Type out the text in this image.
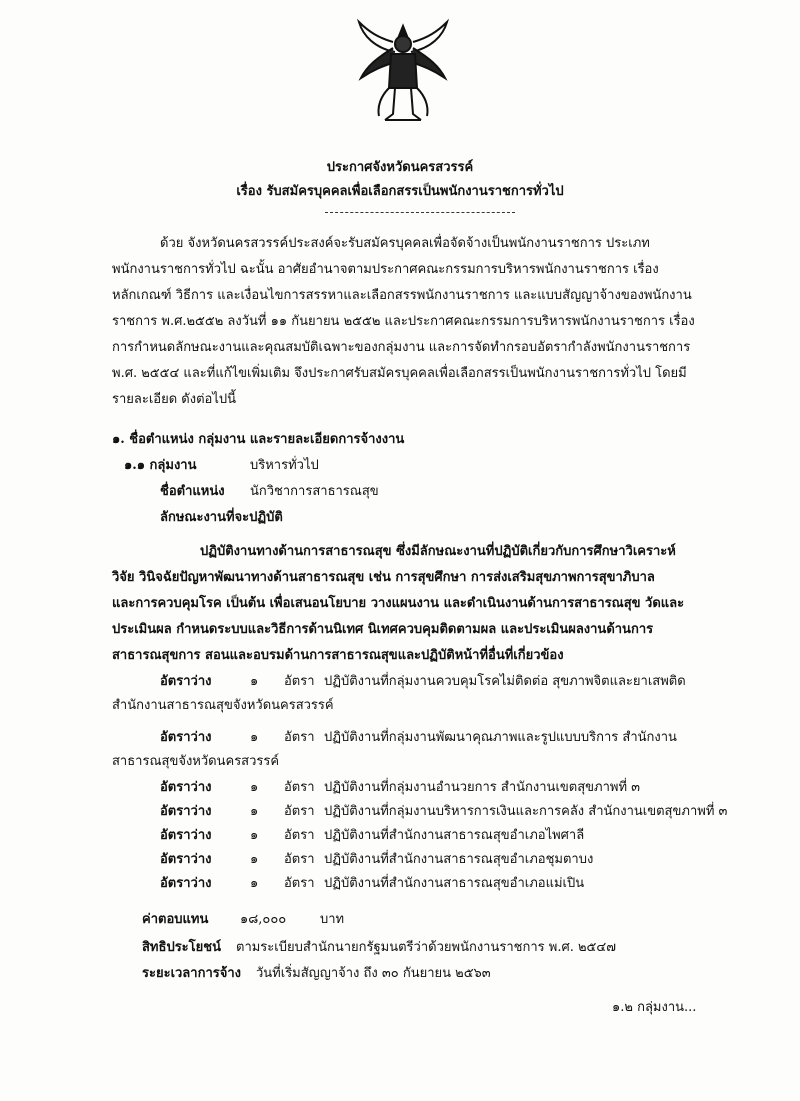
ประกาศจังหวัดนครสวรรค์
เรื่อง รับสมัครบุคคลเพื่อเลือกสรรเป็นพนักงานราชการทั่วไป
ด้วย จังหวัดนครสวรรค์ประสงค์จะรับสมัครบุคคลเพื่อจัดจ้างเป็นพนักงานราชการ ประเภท
พนักงานราชการทั่วไป ฉะนั้น อาศัยอำนาจตามประกาศคณะกรรมการบริหารพนักงานราชการ เรื่อง
หลักเกณฑ์ วิธีการ และเงื่อนไขการสรรหาและเลือกสรรพนักงานราชการ และแบบสัญญาจ้างของพนักงาน
ราชการ พ.ศ.๒๕๕๒ ลงวันที่ ๑๑ กันยายน ๒๕๕๒ และประกาศคณะกรรมการบริหารพนักงานราชการ เรื่อง
การกำหนดลักษณะงานและคุณสมบัติเฉพาะของกลุ่มงาน และการจัดทำกรอบอัตรากำลังพนักงานราชการ
พ.ศ. ๒๕๕๔ และที่แก้ไขเพิ่มเติม จึงประกาศรับสมัครบุคคลเพื่อเลือกสรรเป็นพนักงานราชการทั่วไป โดยมี
รายละเอียด ดังต่อไปนี้
๑. ชื่อตำแหน่ง กลุ่มงาน และรายละเอียดการจ้างงาน
๑.๑ กลุ่มงาน	บริหารทั่วไป
ชื่อตำแหน่ง นักวิชาการสาธารณสุข
ลักษณะงานที่จะปฏิบัติ
ปฏิบัติงานทางด้านการสาธารณสุข ซึ่งมีลักษณะงานที่ปฏิบัติเกี่ยวกับการศึกษาวิเคราะห์
วิจัย วินิจฉัยปัญหาพัฒนาทางด้านสาธารณสุข เช่น การสุขศึกษา การส่งเสริมสุขภาพการสุขาภิบาล
และการควบคุมโรค เป็นต้น เพื่อเสนอนโยบาย วางแผนงาน และดำเนินงานด้านการสาธารณสุข วัดและ
ประเมินผล กำหนดระบบและวิธีการด้านนิเทศ นิเทศควบคุมติดตามผล และประเมินผลงานด้านการ
สาธารณสุขการ สอนและอบรมด้านการสาธารณสุขและปฏิบัติหน้าที่อื่นที่เกี่ยวข้อง
อัตราว่าง	๑ อัตรา ปฏิบัติงานที่กลุ่มงานควบคุมโรคไม่ติดต่อ สุขภาพจิตและยาเสพติด
สำนักงานสาธารณสุขจังหวัดนครสวรรค์
อัตราว่าง	๑ อัตรา ปฏิบัติงานที่กลุ่มงานพัฒนาคุณภาพและรูปแบบบริการ สำนักงาน
สาธารณสุขจังหวัดนครสวรรค์
อัตราว่าง	๑ อัตรา ปฏิบัติงานที่กลุ่มงานอำนวยการ สำนักงานเขตสุขภาพที่ ๓
อัตราว่าง	๑ อัตรา ปฏิบัติงานที่กลุ่มงานบริหารการเงินและการคลัง สำนักงานเขตสุขภาพที่ ๓
อัตราว่าง	๑ อัตรา ปฏิบัติงานที่สำนักงานสาธารณสุขอำเภอไพศาลี
อัตราว่าง	๑ อัตรา ปฏิบัติงานที่สำนักงานสาธารณสุขอำเภอชุมตาบง
อัตราว่าง	๑ อัตรา ปฏิบัติงานที่สำนักงานสาธารณสุขอำเภอแม่เปิน
ค่าตอบแทน ๑๘,๐๐๐	บาท
สิทธิประโยชน์ ตามระเบียบสำนักนายกรัฐมนตรีว่าด้วยพนักงานราชการ พ.ศ. ๒๕๔๗
ระยะเวลาการจ้าง วันที่เริ่มสัญญาจ้าง ถึง ๓๐ กันยายน ๒๕๖๓
๑.๒ กลุ่มงาน...
